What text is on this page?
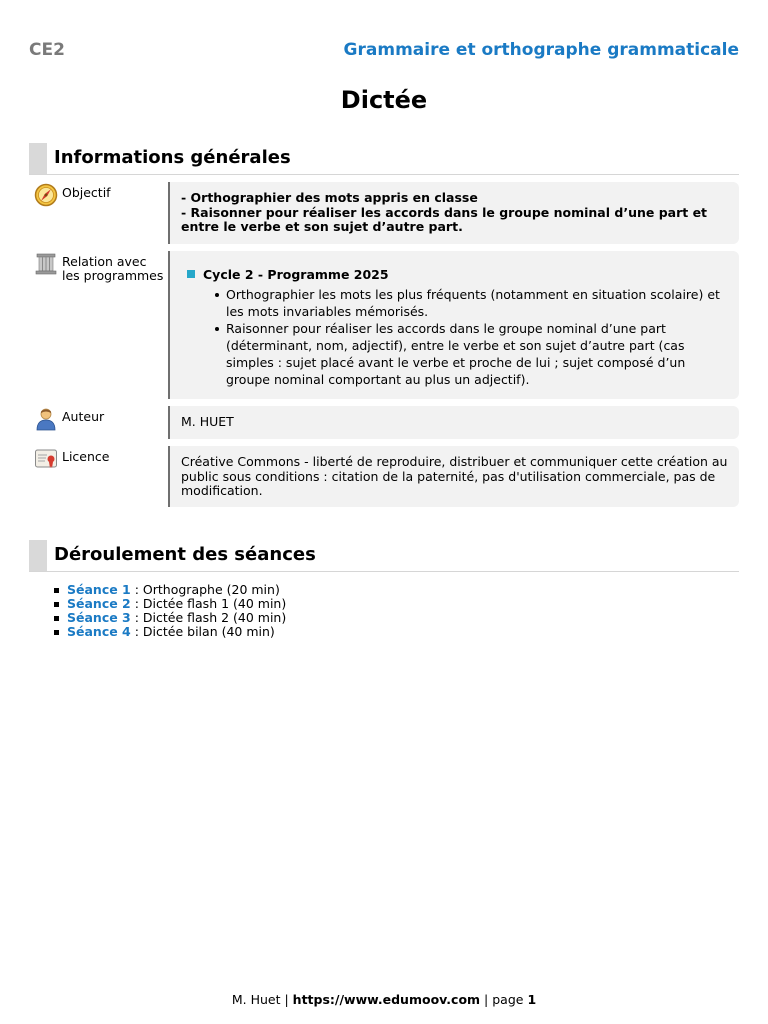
CE2	Grammaire et orthographe grammaticale
Dictée
Informations générales
Objectif	- Orthographier des mots appris en classe
- Raisonner pour réaliser les accords dans le groupe nominal d’une part et entre le verbe et son sujet d’autre part.
Relation avec les programmes	Cycle 2 - Programme 2025
Orthographier les mots les plus fréquents (notamment en situation scolaire) et les mots invariables mémorisés.
Raisonner pour réaliser les accords dans le groupe nominal d’une part (déterminant, nom, adjectif), entre le verbe et son sujet d’autre part (cas simples : sujet placé avant le verbe et proche de lui ; sujet composé d’un groupe nominal comportant au plus un adjectif).
Auteur	M. HUET
Licence	Créative Commons - liberté de reproduire, distribuer et communiquer cette création au public sous conditions : citation de la paternité, pas d'utilisation commerciale, pas de modification.
Déroulement des séances
Séance 1 : Orthographe (20 min)
Séance 2 : Dictée flash 1 (40 min)
Séance 3 : Dictée flash 2 (40 min)
Séance 4 : Dictée bilan (40 min)
M. Huet | https://www.edumoov.com | page 1
